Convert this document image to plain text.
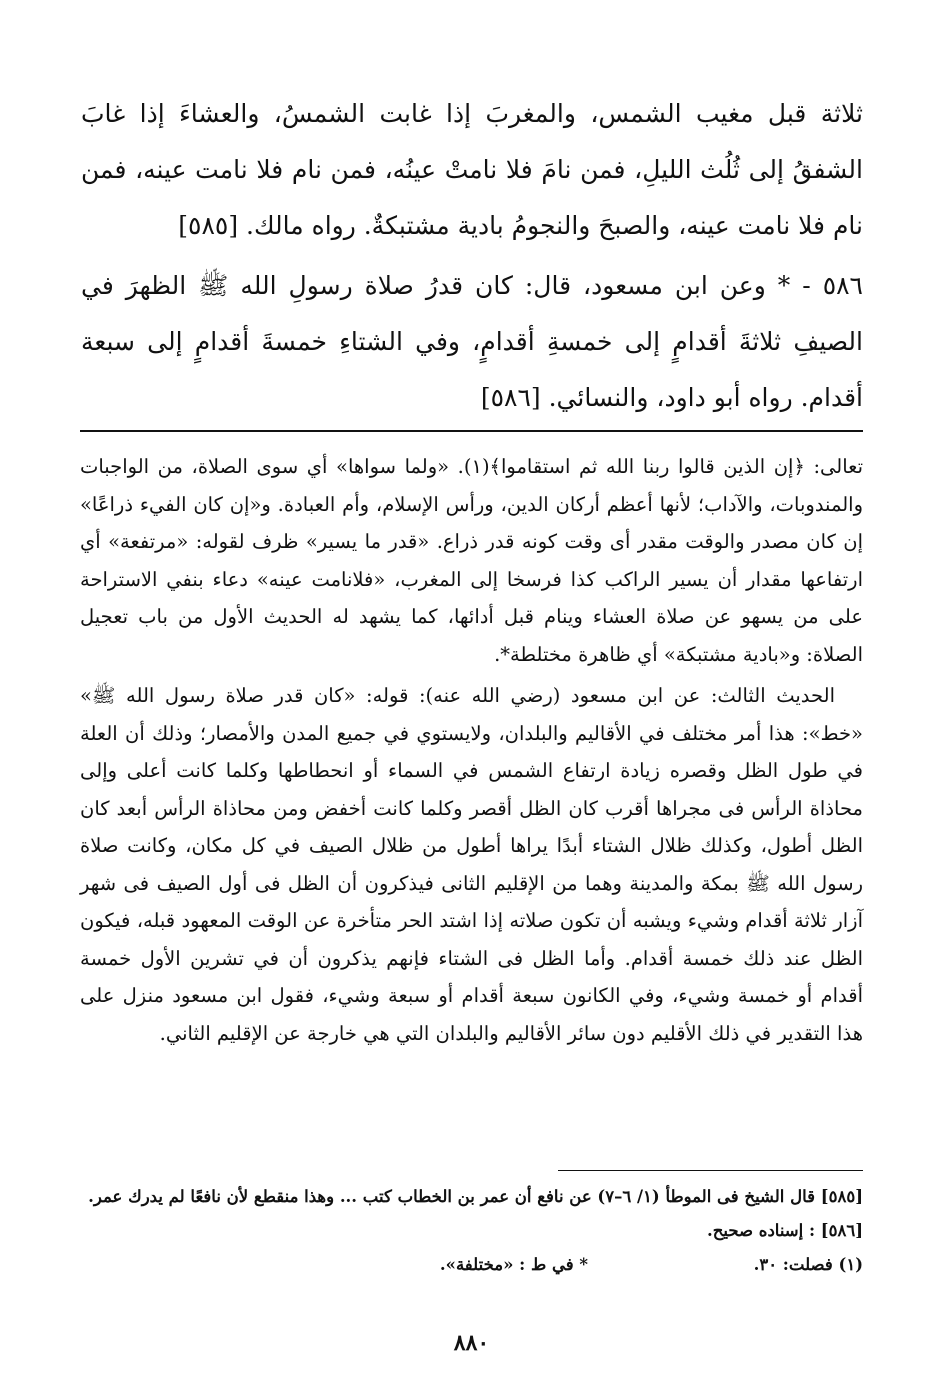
ثلاثة قبل مغيب الشمس، والمغربَ إذا غابت الشمسُ، والعشاءَ إذا غابَ الشفقُ إلى ثُلُث الليلِ، فمن نامَ فلا نامتْ عينُه، فمن نام فلا نامت عينه، فمن نام فلا نامت عينه، والصبحَ والنجومُ بادية مشتبكةٌ. رواه مالك. [٥٨٥]

٥٨٦ - * وعن ابن مسعود، قال: كان قدرُ صلاة رسولِ الله ﷺ الظهرَ في الصيفِ ثلاثةَ أقدامٍ إلى خمسةِ أقدامٍ، وفي الشتاءِ خمسةَ أقدامٍ إلى سبعة أقدام. رواه أبو داود، والنسائي. [٥٨٦]

تعالى: ﴿إن الذين قالوا ربنا الله ثم استقاموا﴾(١). «ولما سواها» أي سوى الصلاة، من الواجبات والمندوبات، والآداب؛ لأنها أعظم أركان الدين، ورأس الإسلام، وأم العبادة. و«إن كان الفيء ذراعًا» إن كان مصدر والوقت مقدر أى وقت كونه قدر ذراع. «قدر ما يسير» ظرف لقوله: «مرتفعة» أي ارتفاعها مقدار أن يسير الراكب كذا فرسخا إلى المغرب، «فلانامت عينه» دعاء بنفي الاستراحة على من يسهو عن صلاة العشاء وينام قبل أدائها، كما يشهد له الحديث الأول من باب تعجيل الصلاة: و«بادية مشتبكة» أي ظاهرة مختلطة*.

الحديث الثالث: عن ابن مسعود (رضي الله عنه): قوله: «كان قدر صلاة رسول الله ﷺ» «خط»: هذا أمر مختلف في الأقاليم والبلدان، ولايستوي في جميع المدن والأمصار؛ وذلك أن العلة في طول الظل وقصره زيادة ارتفاع الشمس في السماء أو انحطاطها وكلما كانت أعلى وإلى محاذاة الرأس فى مجراها أقرب كان الظل أقصر وكلما كانت أخفض ومن محاذاة الرأس أبعد كان الظل أطول، وكذلك ظلال الشتاء أبدًا يراها أطول من ظلال الصيف في كل مكان، وكانت صلاة رسول الله ﷺ بمكة والمدينة وهما من الإقليم الثانى فيذكرون أن الظل فى أول الصيف فى شهر آزار ثلاثة أقدام وشيء ويشبه أن تكون صلاته إذا اشتد الحر متأخرة عن الوقت المعهود قبله، فيكون الظل عند ذلك خمسة أقدام. وأما الظل فى الشتاء فإنهم يذكرون أن في تشرين الأول خمسة أقدام أو خمسة وشيء، وفي الكانون سبعة أقدام أو سبعة وشيء، فقول ابن مسعود منزل على هذا التقدير في ذلك الأقليم دون سائر الأقاليم والبلدان التي هي خارجة عن الإقليم الثاني.

[٥٨٥] قال الشيخ فى الموطأ (١/ ٦–٧) عن نافع أن عمر بن الخطاب كتب ... وهذا منقطع لأن نافعًا لم يدرك عمر.

[٥٨٦] : إسناده صحيح.

(١) فصلت: ٣٠.
* في ط : «مختلفة».
٨٨٠
